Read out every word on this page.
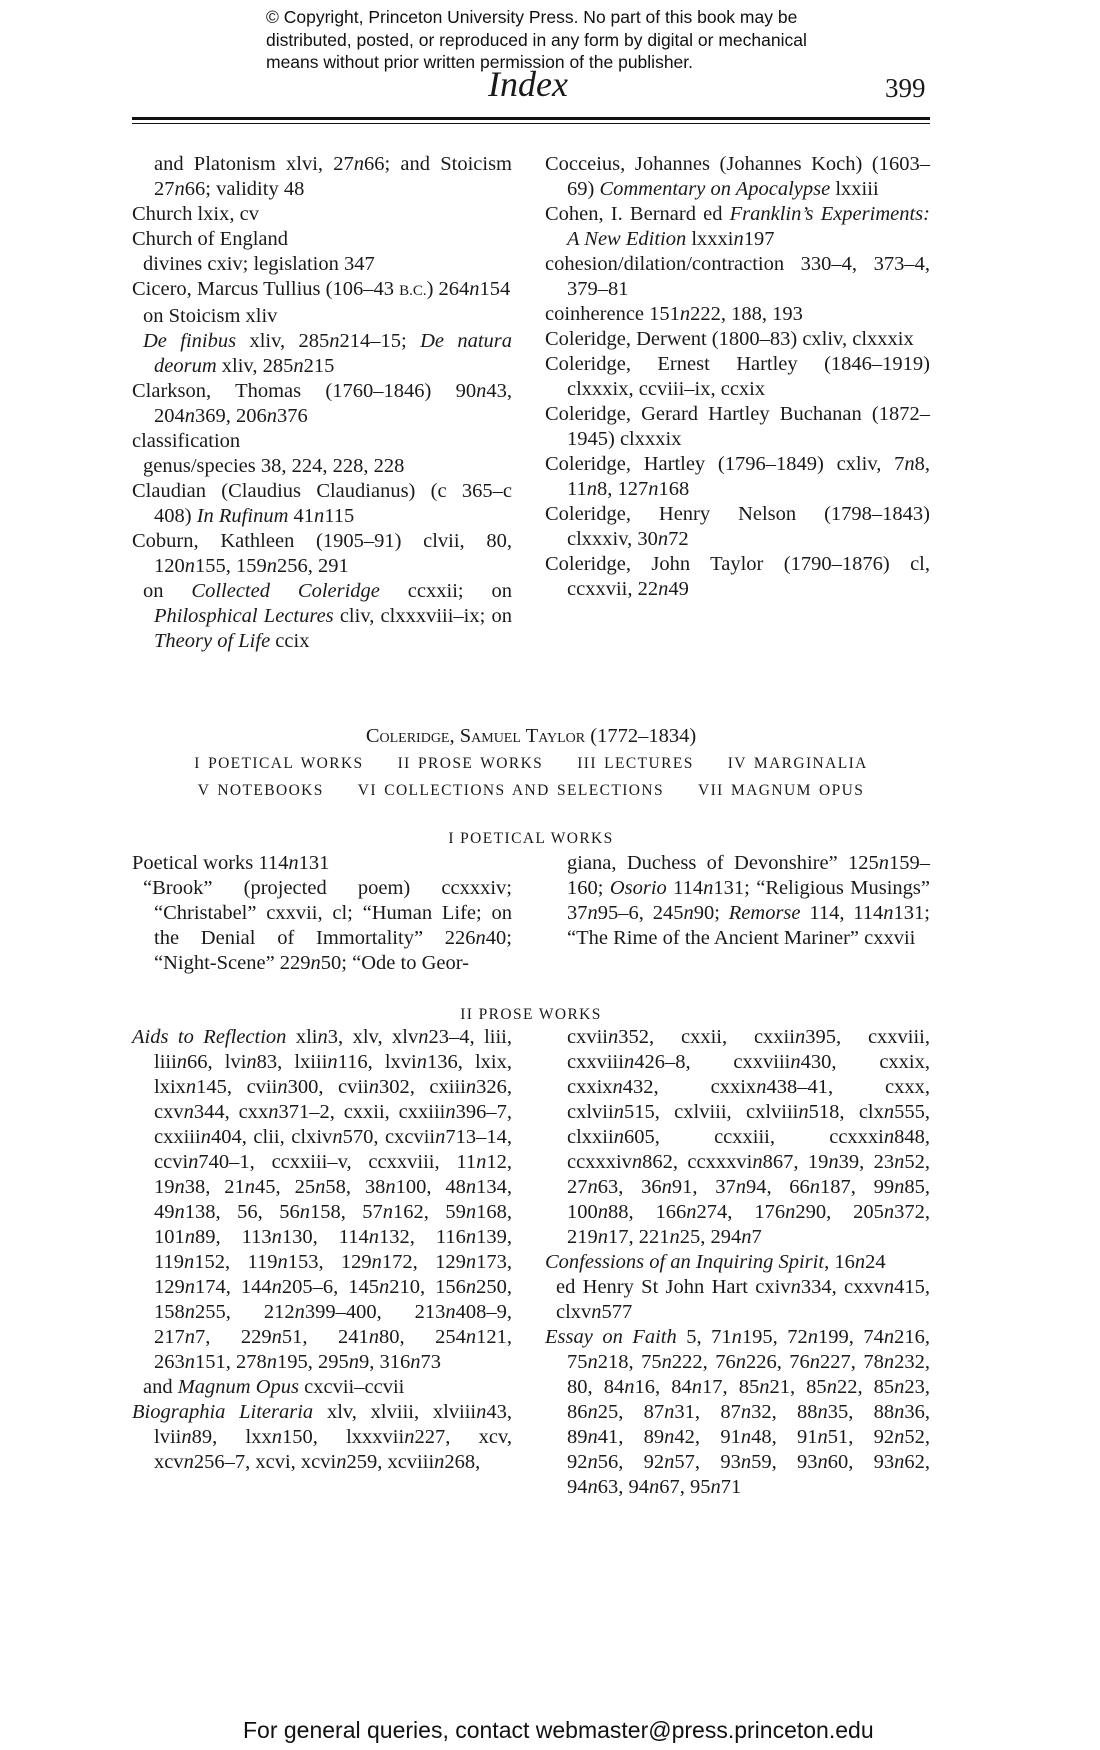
© Copyright, Princeton University Press. No part of this book may be
distributed, posted, or reproduced in any form by digital or mechanical
means without prior written permission of the publisher.
Index	399
and Platonism xlvi, 27n66; and Stoicism 27n66; validity 48
Church lxix, cv
Church of England
divines cxiv; legislation 347
Cicero, Marcus Tullius (106–43 B.C.) 264n154
on Stoicism xliv
De finibus xliv, 285n214–15; De natura deorum xliv, 285n215
Clarkson, Thomas (1760–1846) 90n43, 204n369, 206n376
classification
genus/species 38, 224, 228, 228
Claudian (Claudius Claudianus) (c 365–c 408) In Rufinum 41n115
Coburn, Kathleen (1905–91) clvii, 80, 120n155, 159n256, 291
on Collected Coleridge ccxxii; on Philosphical Lectures cliv, clxxxviii–ix; on Theory of Life ccix
Cocceius, Johannes (Johannes Koch) (1603–69) Commentary on Apocalypse lxxiii
Cohen, I. Bernard ed Franklin’s Experiments: A New Edition lxxxin197
cohesion/dilation/contraction 330–4, 373–4, 379–81
coinherence 151n222, 188, 193
Coleridge, Derwent (1800–83) cxliv, clxxxix
Coleridge, Ernest Hartley (1846–1919) clxxxix, ccviii–ix, ccxix
Coleridge, Gerard Hartley Buchanan (1872–1945) clxxxix
Coleridge, Hartley (1796–1849) cxliv, 7n8, 11n8, 127n168
Coleridge, Henry Nelson (1798–1843) clxxxiv, 30n72
Coleridge, John Taylor (1790–1876) cl, ccxxvii, 22n49
Coleridge, Samuel Taylor (1772–1834)
I POETICAL WORKS II PROSE WORKS III LECTURES IV MARGINALIA
V NOTEBOOKS VI COLLECTIONS AND SELECTIONS VII MAGNUM OPUS
I POETICAL WORKS
Poetical works 114n131
“Brook” (projected poem) ccxxxiv; “Christabel” cxxvii, cl; “Human Life; on the Denial of Immortality” 226n40; “Night-Scene” 229n50; “Ode to Geor-
giana, Duchess of Devonshire” 125n159–160; Osorio 114n131; “Religious Musings” 37n95–6, 245n90; Remorse 114, 114n131; “The Rime of the Ancient Mariner” cxxvii
II PROSE WORKS
Aids to Reflection xlin3, xlv, xlvn23–4, liii, liiin66, lvin83, lxiiin116, lxvin136, lxix, lxixn145, cviin300, cviin302, cxiiin326, cxvn344, cxxn371–2, cxxii, cxxiiin396–7, cxxiiin404, clii, clxivn570, cxcviin713–14, ccvin740–1, ccxxiii–v, ccxxviii, 11n12, 19n38, 21n45, 25n58, 38n100, 48n134, 49n138, 56, 56n158, 57n162, 59n168, 101n89, 113n130, 114n132, 116n139, 119n152, 119n153, 129n172, 129n173, 129n174, 144n205–6, 145n210, 156n250, 158n255, 212n399–400, 213n408–9, 217n7, 229n51, 241n80, 254n121, 263n151, 278n195, 295n9, 316n73
and Magnum Opus cxcvii–ccvii
Biographia Literaria xlv, xlviii, xlviiin43, lviin89, lxxn150, lxxxviin227, xcv, xcvn256–7, xcvi, xcvin259, xcviiin268,
cxviin352, cxxii, cxxiin395, cxxviii, cxxviiin426–8, cxxviiin430, cxxix, cxxixn432, cxxixn438–41, cxxx, cxlviin515, cxlviii, cxlviiin518, clxn555, clxxiin605, ccxxiii, ccxxxin848, ccxxxivn862, ccxxxvin867, 19n39, 23n52, 27n63, 36n91, 37n94, 66n187, 99n85, 100n88, 166n274, 176n290, 205n372, 219n17, 221n25, 294n7
Confessions of an Inquiring Spirit, 16n24
ed Henry St John Hart cxivn334, cxxvn415, clxvn577
Essay on Faith 5, 71n195, 72n199, 74n216, 75n218, 75n222, 76n226, 76n227, 78n232, 80, 84n16, 84n17, 85n21, 85n22, 85n23, 86n25, 87n31, 87n32, 88n35, 88n36, 89n41, 89n42, 91n48, 91n51, 92n52, 92n56, 92n57, 93n59, 93n60, 93n62, 94n63, 94n67, 95n71
For general queries, contact webmaster@press.princeton.edu
